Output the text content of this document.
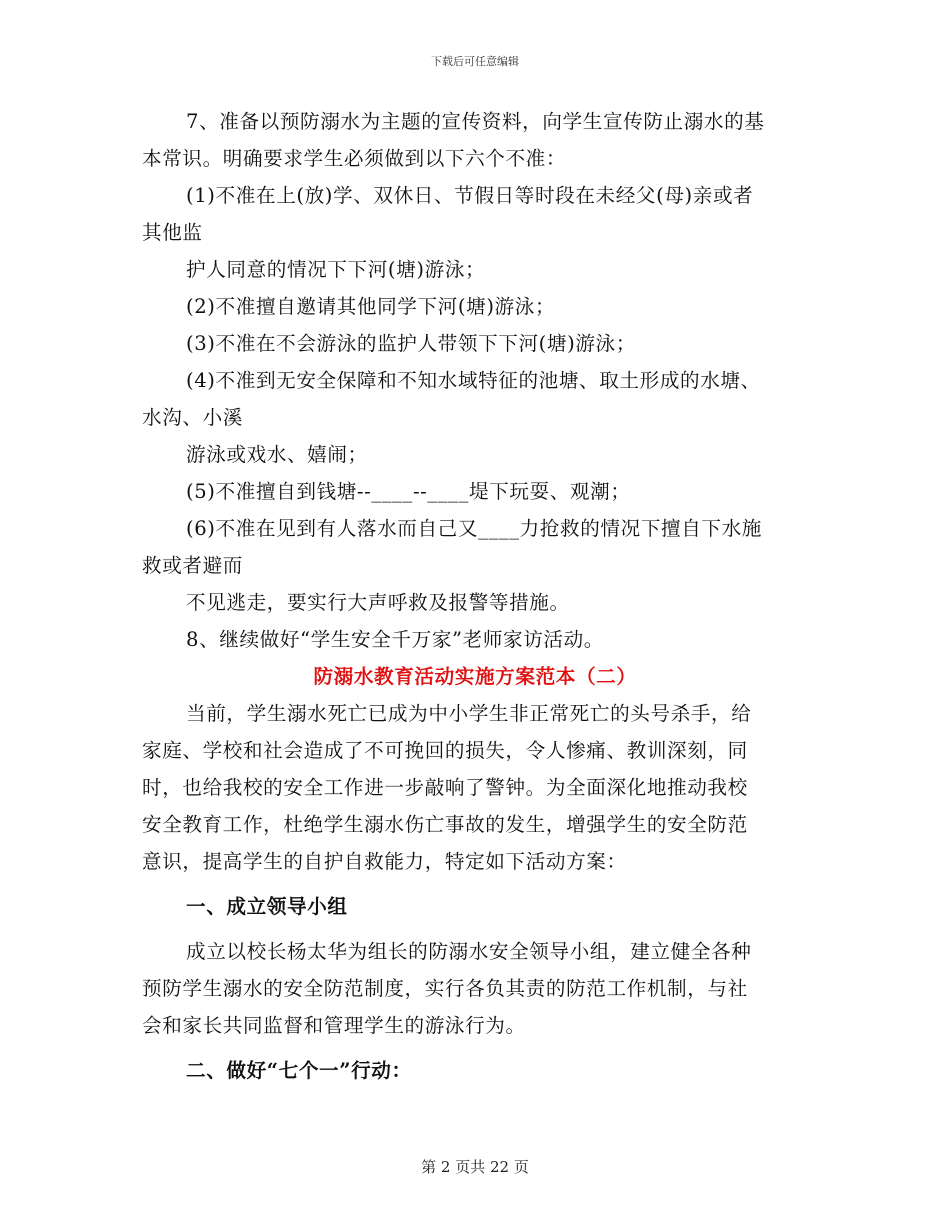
下载后可任意编辑

7、准备以预防溺水为主题的宣传资料，向学生宣传防止溺水的基

本常识。明确要求学生必须做到以下六个不准：

(1)不准在上(放)学、双休日、节假日等时段在未经父(母)亲或者

其他监

护人同意的情况下下河(塘)游泳；

(2)不准擅自邀请其他同学下河(塘)游泳；

(3)不准在不会游泳的监护人带领下下河(塘)游泳；

(4)不准到无安全保障和不知水域特征的池塘、取土形成的水塘、

水沟、小溪

游泳或戏水、嬉闹；

(5)不准擅自到钱塘--____--____堤下玩耍、观潮；

(6)不准在见到有人落水而自己又____力抢救的情况下擅自下水施

救或者避而

不见逃走，要实行大声呼救及报警等措施。

8、继续做好“学生安全千万家”老师家访活动。

防溺水教育活动实施方案范本（二）

当前，学生溺水死亡已成为中小学生非正常死亡的头号杀手，给

家庭、学校和社会造成了不可挽回的损失，令人惨痛、教训深刻，同

时，也给我校的安全工作进一步敲响了警钟。为全面深化地推动我校

安全教育工作，杜绝学生溺水伤亡事故的发生，增强学生的安全防范

意识，提高学生的自护自救能力，特定如下活动方案：

一、成立领导小组

成立以校长杨太华为组长的防溺水安全领导小组，建立健全各种

预防学生溺水的安全防范制度，实行各负其责的防范工作机制，与社

会和家长共同监督和管理学生的游泳行为。

二、做好“七个一”行动：

第 2 页共 22 页
